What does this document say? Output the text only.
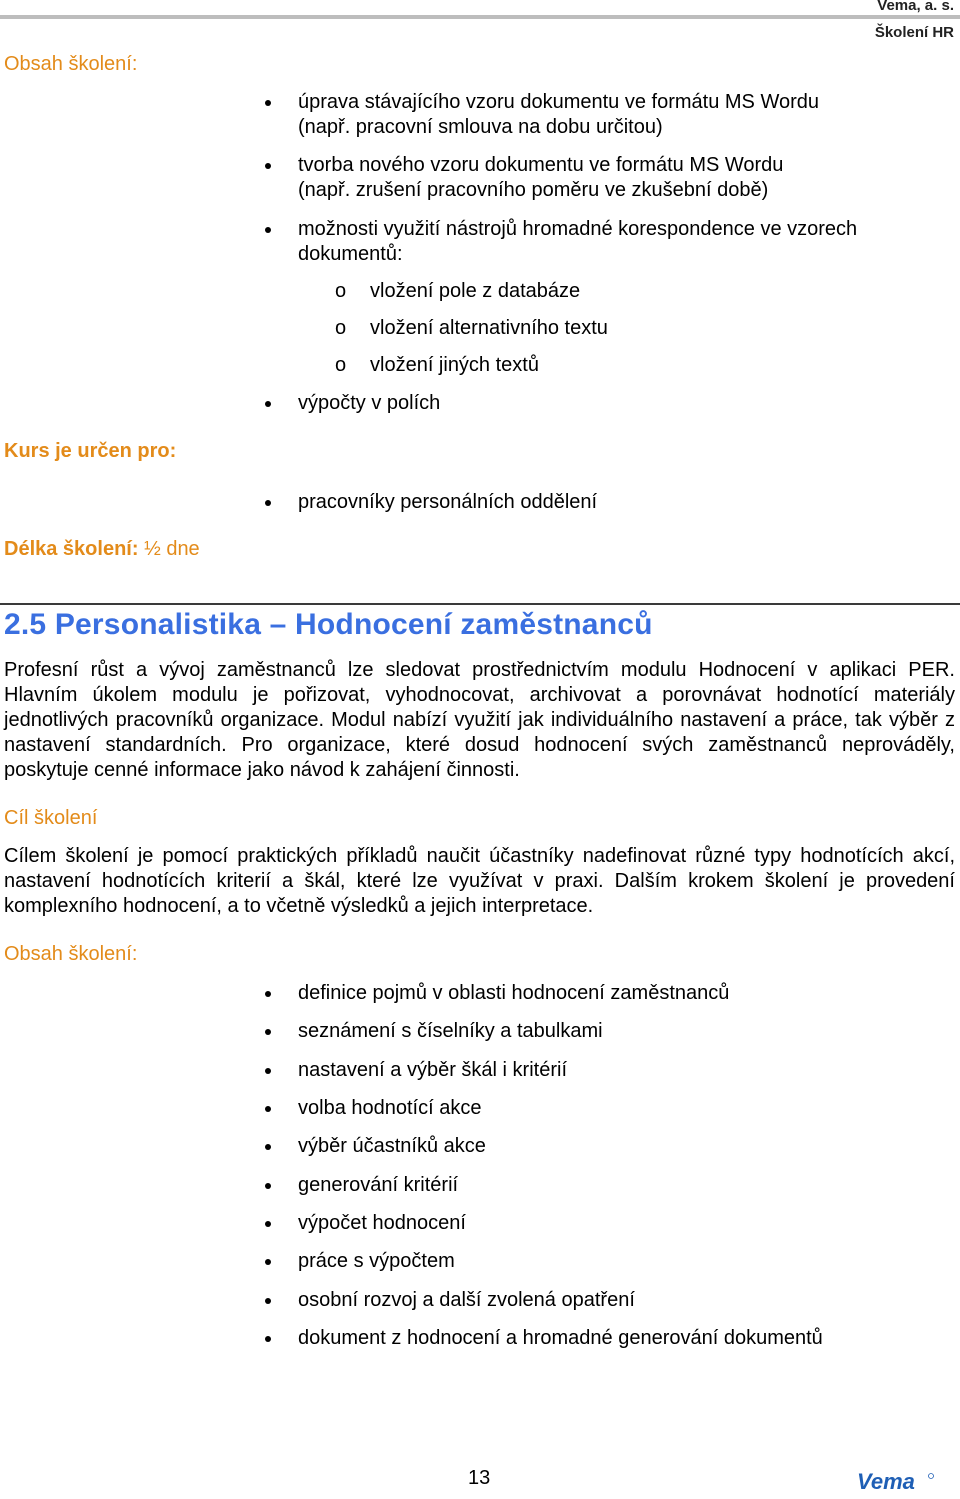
Vema, a. s.
Školení HR
Obsah školení:
úprava stávajícího vzoru dokumentu ve formátu MS Wordu
(např. pracovní smlouva na dobu určitou)
tvorba nového vzoru dokumentu ve formátu MS Wordu
(např. zrušení pracovního poměru ve zkušební době)
možnosti využití nástrojů hromadné korespondence ve vzorech
dokumentů:
o vložení pole z databáze
o vložení alternativního textu
o vložení jiných textů
výpočty v polích
Kurs je určen pro:
pracovníky personálních oddělení
Délka školení: ½ dne
2.5 Personalistika – Hodnocení zaměstnanců
Profesní růst a vývoj zaměstnanců lze sledovat prostřednictvím modulu Hodnocení v aplikaci PER. Hlavním úkolem modulu je pořizovat, vyhodnocovat, archivovat a porovnávat hodnotící materiály jednotlivých pracovníků organizace. Modul nabízí využití jak individuálního nastavení a práce, tak výběr z nastavení standardních. Pro organizace, které dosud hodnocení svých zaměstnanců neprováděly, poskytuje cenné informace jako návod k zahájení činnosti.
Cíl školení
Cílem školení je pomocí praktických příkladů naučit účastníky nadefinovat různé typy hodnotících akcí, nastavení hodnotících kriterií a škál, které lze využívat v praxi. Dalším krokem školení je provedení komplexního hodnocení, a to včetně výsledků a jejich interpretace.
Obsah školení:
definice pojmů v oblasti hodnocení zaměstnanců
seznámení s číselníky a tabulkami
nastavení a výběr škál i kritérií
volba hodnotící akce
výběr účastníků akce
generování kritérií
výpočet hodnocení
práce s výpočtem
osobní rozvoj a další zvolená opatření
dokument z hodnocení a hromadné generování dokumentů
13	Vema
